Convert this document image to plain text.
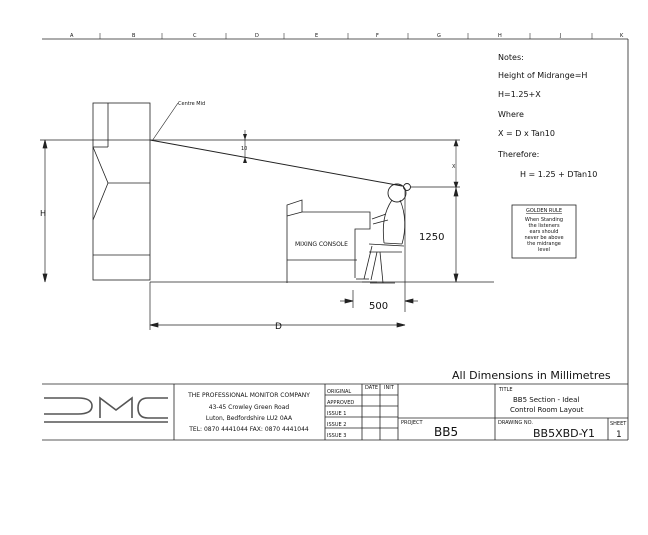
A	B	C	D	E	F	G	H	J	K
H
Centre Mid
10
X
MIXING CONSOLE
1250
500
D
Notes:
Height of Midrange=H
H=1.25+X
Where
X = D x Tan10
Therefore:
H = 1.25 + DTan10
GOLDEN RULE
When Standing
the listeners
ears should
never be above
the midrange
level
All Dimensions in Millimetres
THE PROFESSIONAL MONITOR COMPANY
43-45 Crowley Green Road
Luton, Bedfordshire LU2 0AA
TEL: 0870 4441044 FAX: 0870 4441044
DATE INIT
ORIGINAL
APPROVED
ISSUE 1
ISSUE 2
ISSUE 3
TITLE
BB5 Section - Ideal
Control Room Layout
PROJECT
BB5
DRAWING NO.
BB5XBD-Y1
SHEET
1
